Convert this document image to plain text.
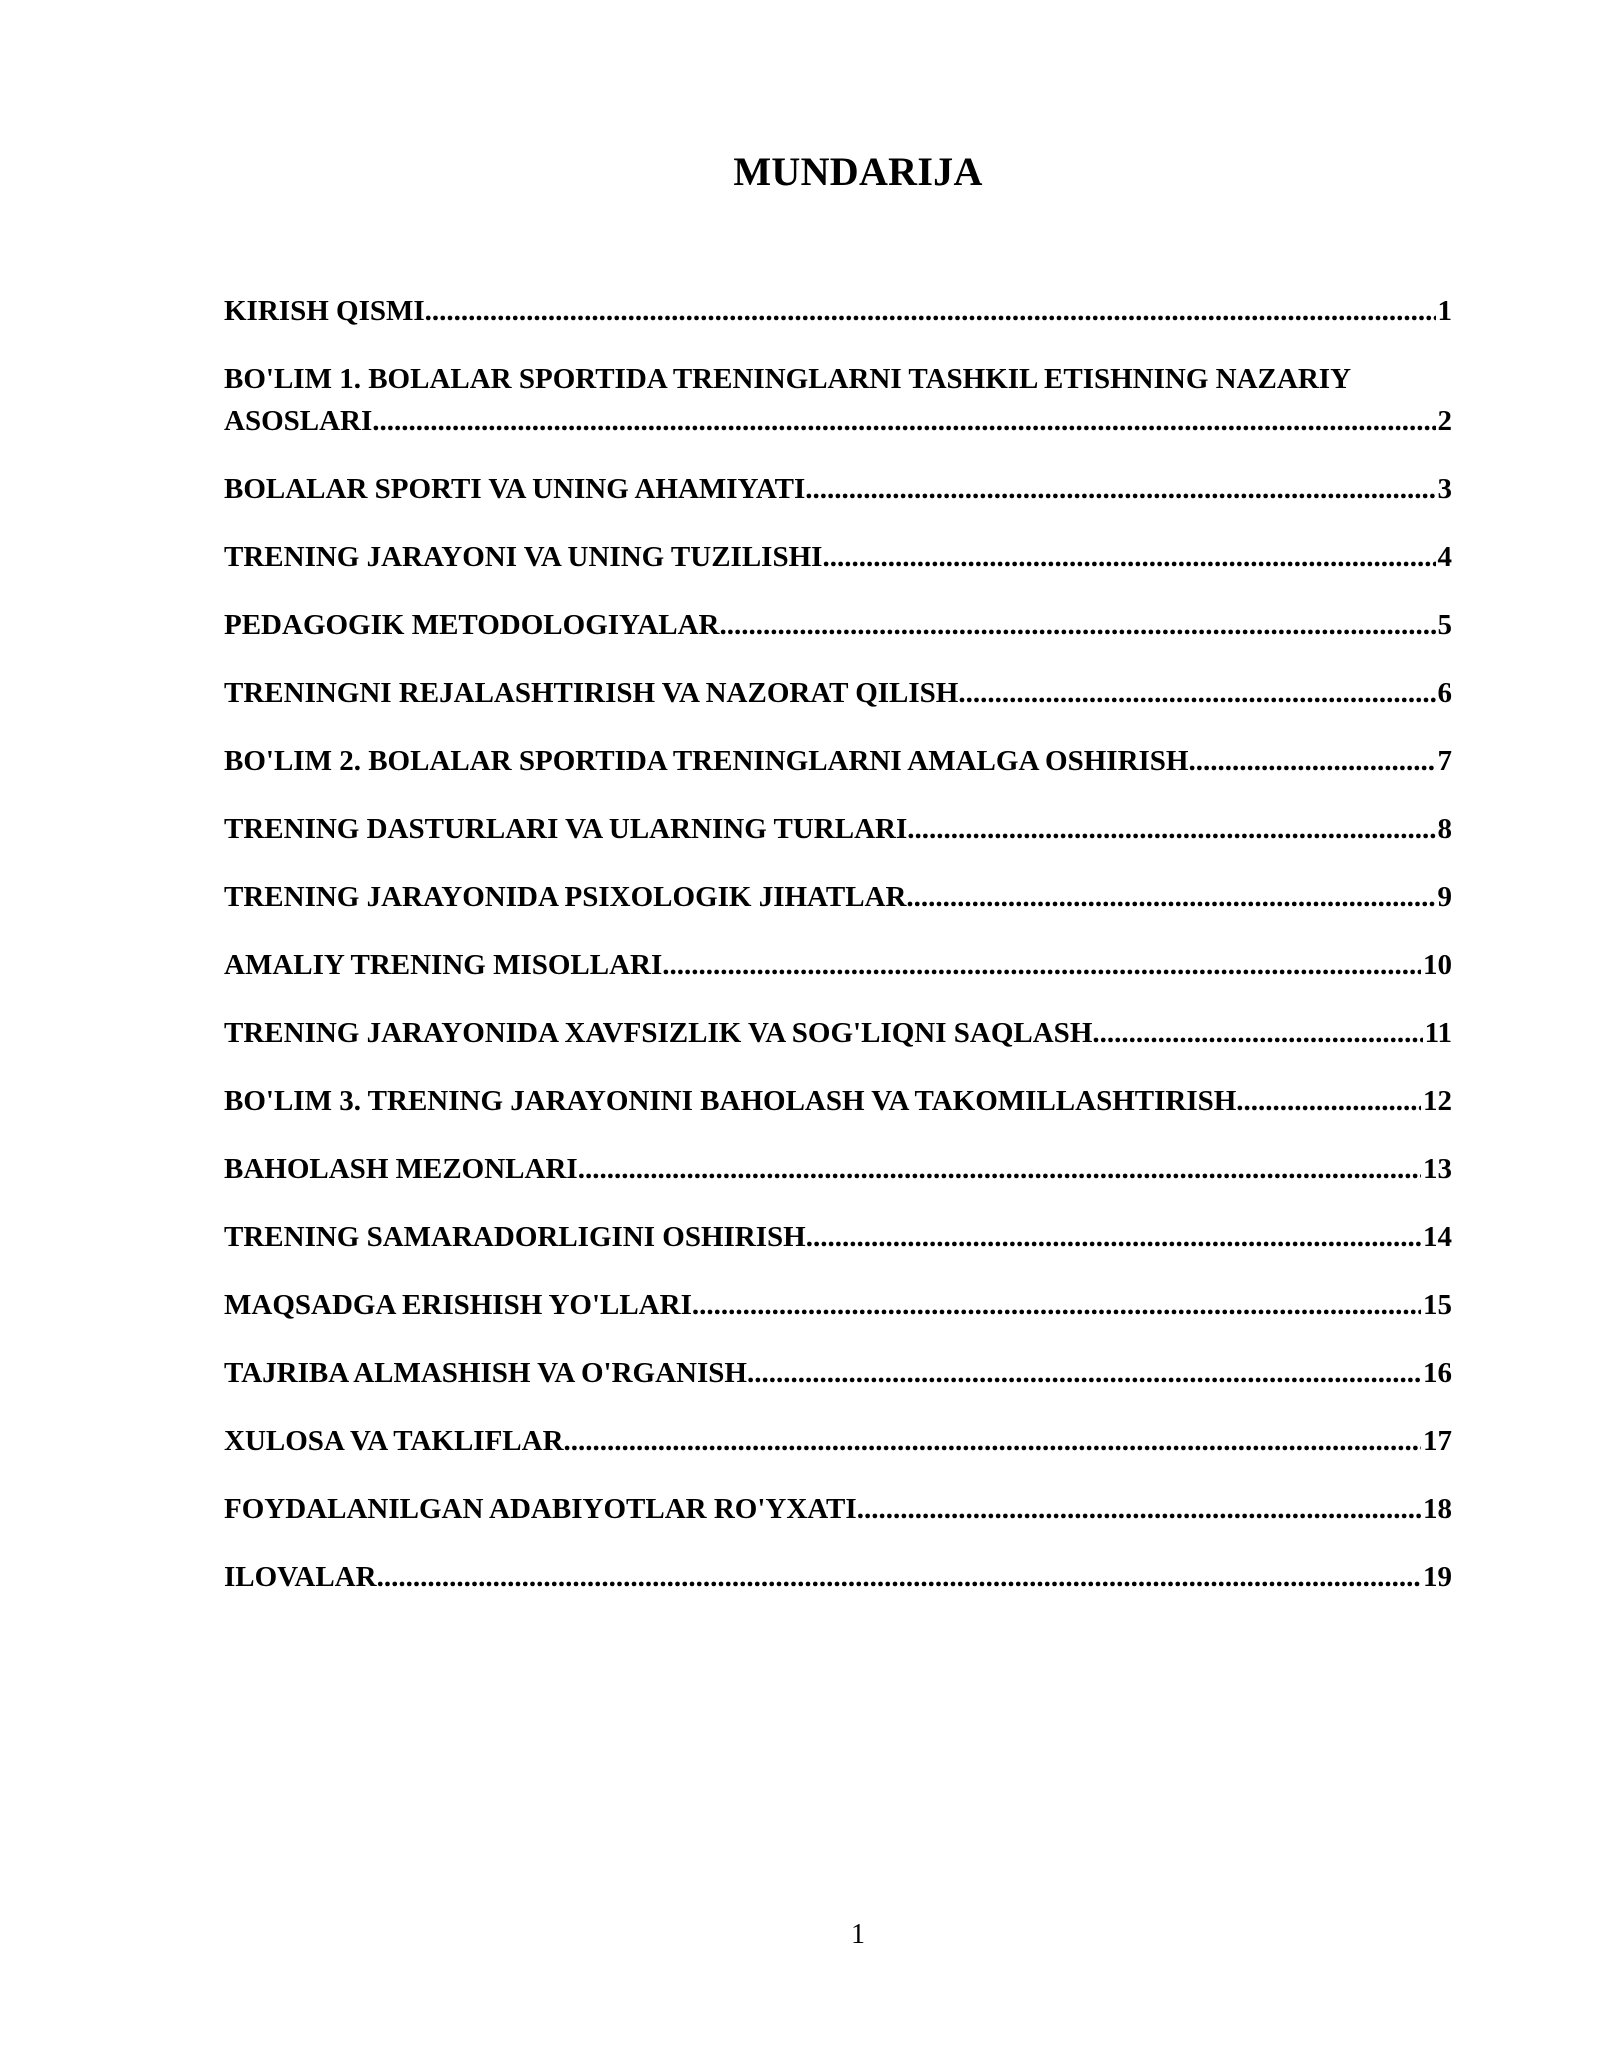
MUNDARIJA
KIRISH QISMI .....	1
BO'LIM 1. BOLALAR SPORTIDA TRENINGLARNI TASHKIL ETISHNING NAZARIY
ASOSLARI .....	2
BOLALAR SPORTI VA UNING AHAMIYATI .....	3
TRENING JARAYONI VA UNING TUZILISHI .....	4
PEDAGOGIK METODOLOGIYALAR .....	5
TRENINGNI REJALASHTIRISH VA NAZORAT QILISH .....	6
BO'LIM 2. BOLALAR SPORTIDA TRENINGLARNI AMALGA OSHIRISH .....	7
TRENING DASTURLARI VA ULARNING TURLARI .....	8
TRENING JARAYONIDA PSIXOLOGIK JIHATLAR .....	9
AMALIY TRENING MISOLLARI .....	10
TRENING JARAYONIDA XAVFSIZLIK VA SOG'LIQNI SAQLASH .....	11
BO'LIM 3. TRENING JARAYONINI BAHOLASH VA TAKOMILLASHTIRISH .....	12
BAHOLASH MEZONLARI .....	13
TRENING SAMARADORLIGINI OSHIRISH .....	14
MAQSADGA ERISHISH YO'LLARI .....	15
TAJRIBA ALMASHISH VA O'RGANISH .....	16
XULOSA VA TAKLIFLAR .....	17
FOYDALANILGAN ADABIYOTLAR RO'YXATI .....	18
ILOVALAR .....	19
1
